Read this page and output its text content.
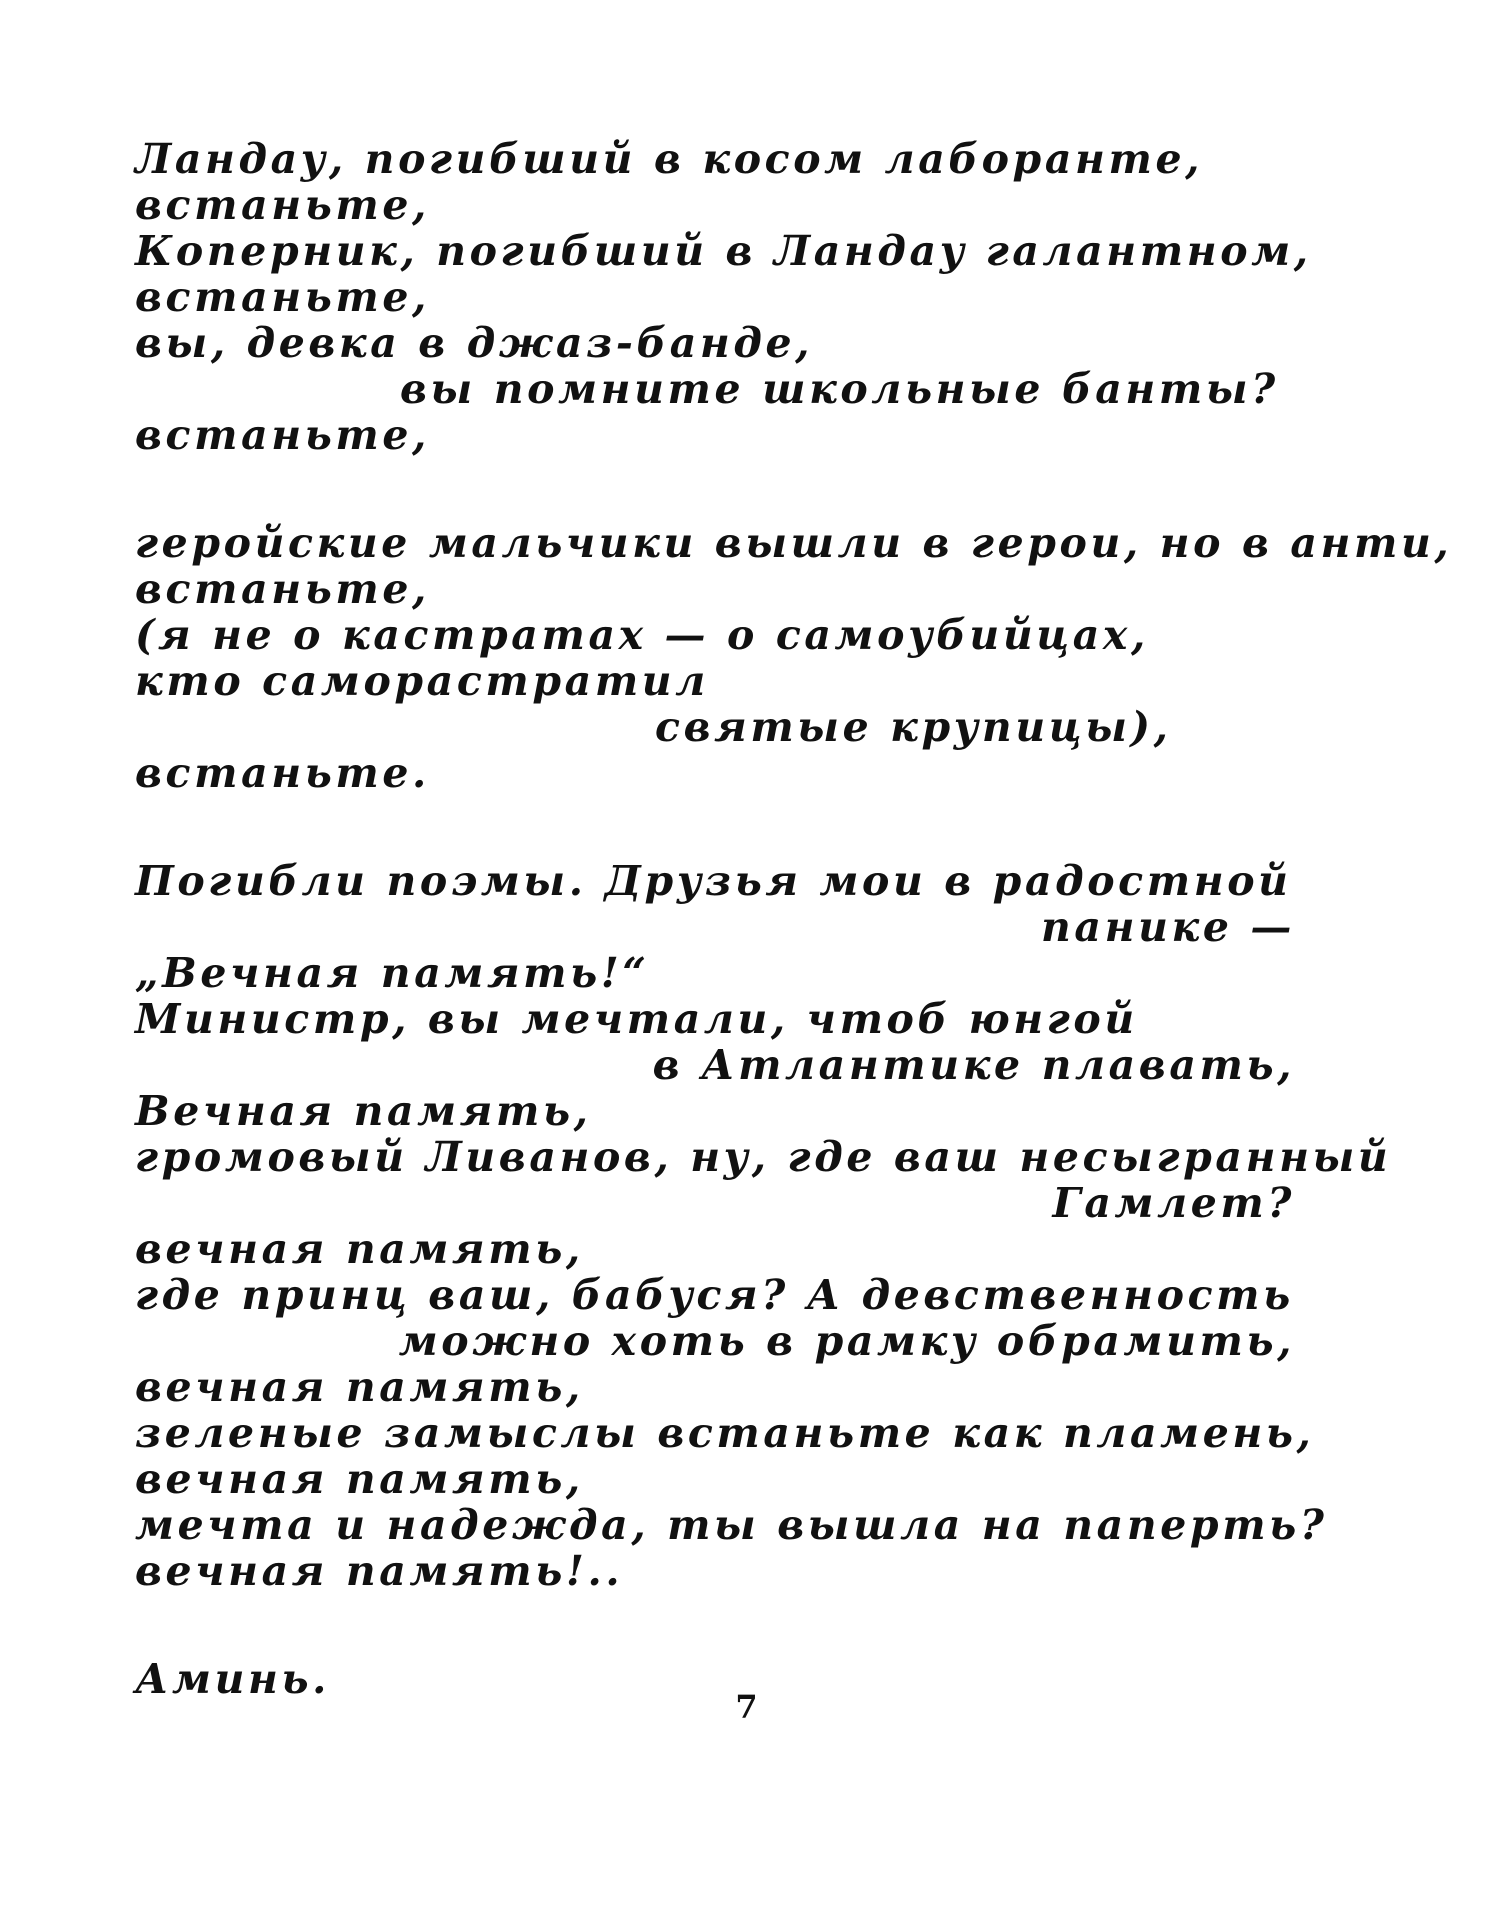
Ландау, погибший в косом лаборанте,
встаньте,
Коперник, погибший в Ландау галантном,
встаньте,
вы, девка в джаз-банде,
вы помните школьные банты?
встаньте,
геройские мальчики вышли в герои, но в анти,
встаньте,
(я не о кастратах — о самоубийцах,
кто саморастратил
святые крупицы),
встаньте.
Погибли поэмы. Друзья мои в радостной
панике —
„Вечная память!“
Министр, вы мечтали, чтоб юнгой
в Атлантике плавать,
Вечная память,
громовый Ливанов, ну, где ваш несыгранный
Гамлет?
вечная память,
где принц ваш, бабуся? А девственность
можно хоть в рамку обрамить,
вечная память,
зеленые замыслы встаньте как пламень,
вечная память,
мечта и надежда, ты вышла на паперть?
вечная память!..
Аминь.
7
